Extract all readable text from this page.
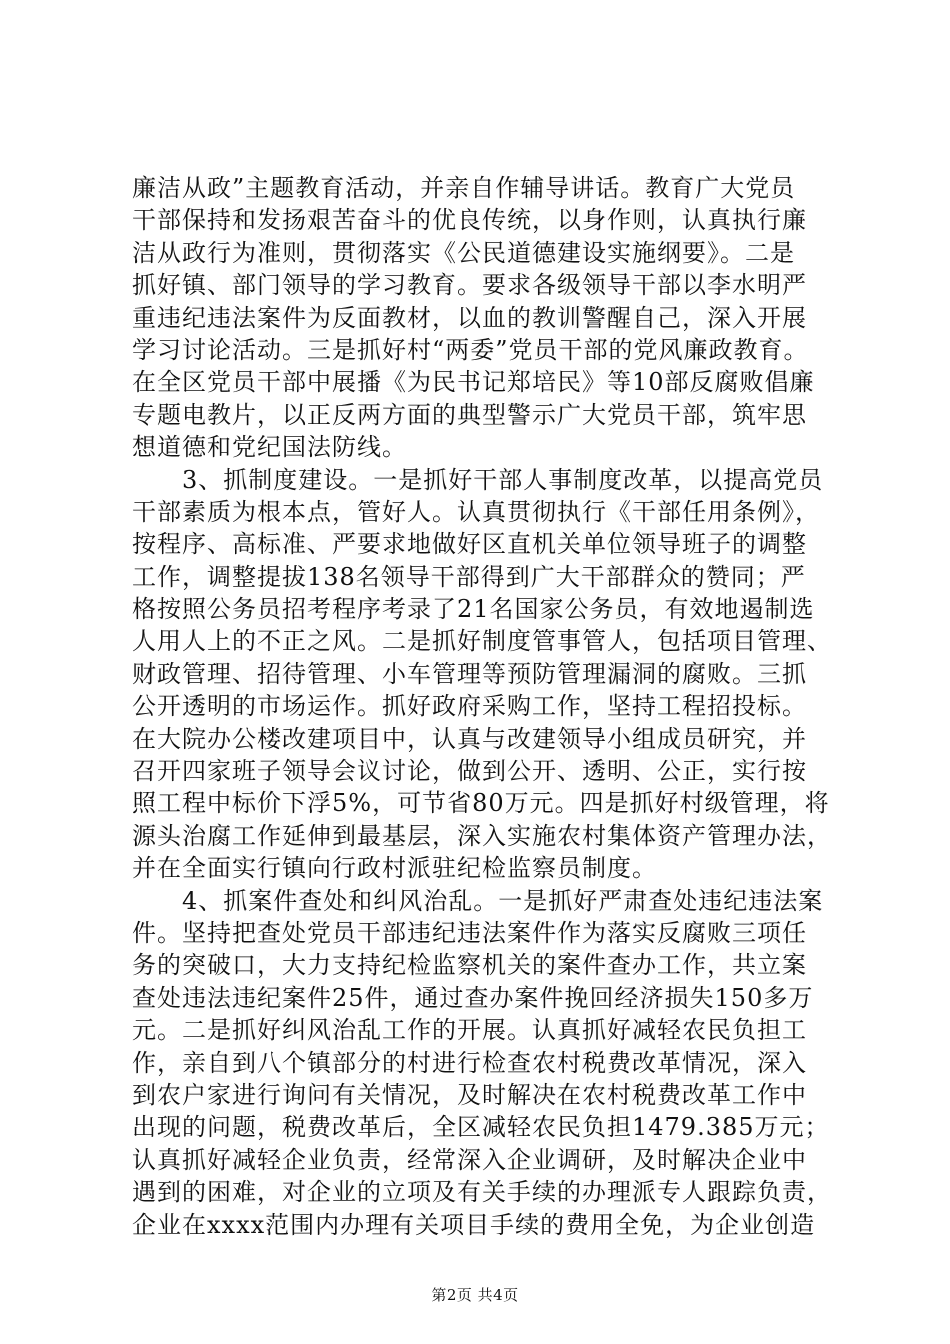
廉洁从政”主题教育活动，并亲自作辅导讲话。教育广大党员
干部保持和发扬艰苦奋斗的优良传统，以身作则，认真执行廉
洁从政行为准则，贯彻落实《公民道德建设实施纲要》。二是
抓好镇、部门领导的学习教育。要求各级领导干部以李水明严
重违纪违法案件为反面教材，以血的教训警醒自己，深入开展
学习讨论活动。三是抓好村“两委”党员干部的党风廉政教育。
在全区党员干部中展播《为民书记郑培民》等10部反腐败倡廉
专题电教片，以正反两方面的典型警示广大党员干部，筑牢思
想道德和党纪国法防线。
　　3、抓制度建设。一是抓好干部人事制度改革，以提高党员
干部素质为根本点，管好人。认真贯彻执行《干部任用条例》，
按程序、高标准、严要求地做好区直机关单位领导班子的调整
工作，调整提拔138名领导干部得到广大干部群众的赞同；严
格按照公务员招考程序考录了21名国家公务员，有效地遏制选
人用人上的不正之风。二是抓好制度管事管人，包括项目管理、
财政管理、招待管理、小车管理等预防管理漏洞的腐败。三抓
公开透明的市场运作。抓好政府采购工作，坚持工程招投标。
在大院办公楼改建项目中，认真与改建领导小组成员研究，并
召开四家班子领导会议讨论，做到公开、透明、公正，实行按
照工程中标价下浮5%，可节省80万元。四是抓好村级管理，将
源头治腐工作延伸到最基层，深入实施农村集体资产管理办法，
并在全面实行镇向行政村派驻纪检监察员制度。
　　4、抓案件查处和纠风治乱。一是抓好严肃查处违纪违法案
件。坚持把查处党员干部违纪违法案件作为落实反腐败三项任
务的突破口，大力支持纪检监察机关的案件查办工作，共立案
查处违法违纪案件25件，通过查办案件挽回经济损失150多万
元。二是抓好纠风治乱工作的开展。认真抓好减轻农民负担工
作，亲自到八个镇部分的村进行检查农村税费改革情况，深入
到农户家进行询问有关情况，及时解决在农村税费改革工作中
出现的问题，税费改革后，全区减轻农民负担1479.385万元；
认真抓好减轻企业负责，经常深入企业调研，及时解决企业中
遇到的困难，对企业的立项及有关手续的办理派专人跟踪负责，
企业在xxxx范围内办理有关项目手续的费用全免，为企业创造
第2页 共4页
